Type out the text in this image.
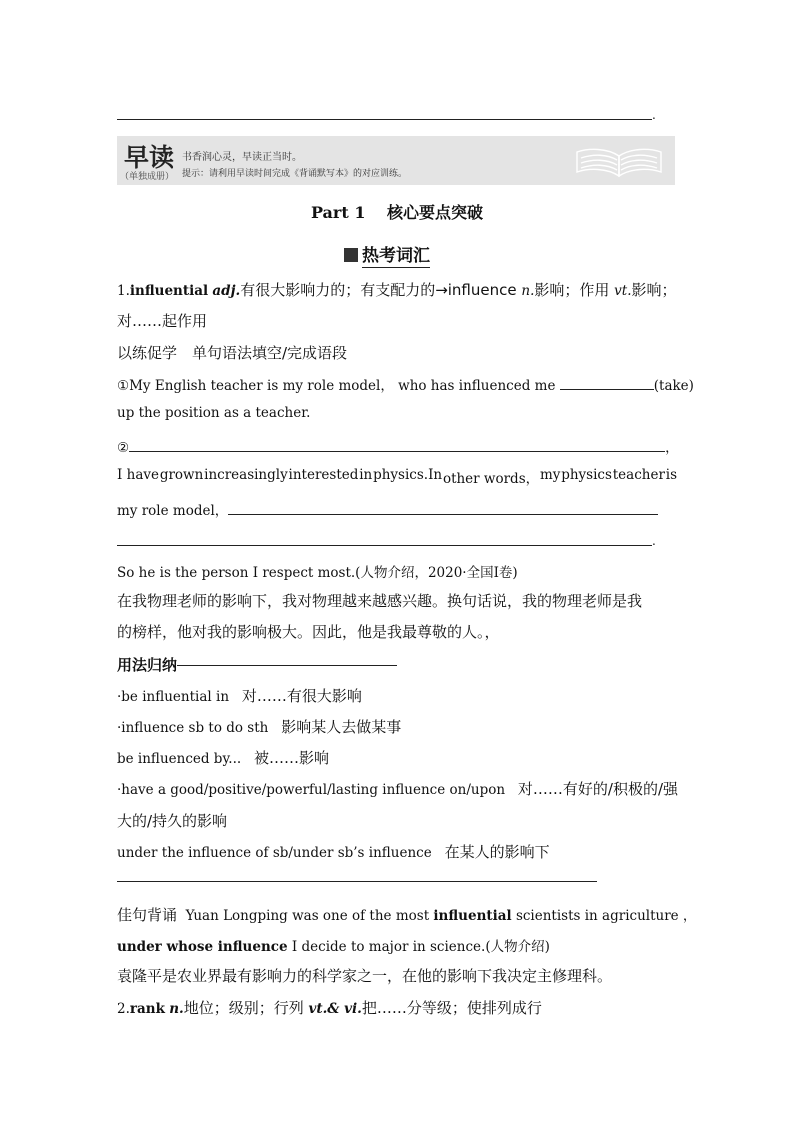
.
早读
（单独成册）
书香润心灵，早读正当时。
提示：请利用早读时间完成《背诵默写本》的对应训练。
Part 1　 核心要点突破
热考词汇
1.influential adj.有很大影响力的；有支配力的→influence n.影响；作用 vt.影响；
对……起作用
以练促学　单句语法填空/完成语段
①My English teacher is my role model， who has influenced me	(take)
up the position as a teacher.
②	，
I have grown increasingly interested in physics.In other words， my physics teacher is
my role model，
.
So he is the person I respect most.(人物介绍，2020·全国Ⅰ卷)
在我物理老师的影响下，我对物理越来越感兴趣。换句话说，我的物理老师是我
的榜样，他对我的影响极大。因此，他是我最尊敬的人。，
用法归纳
·be influential in 对……有很大影响
·influence sb to do sth 影响某人去做某事
be influenced by... 被……影响
·have a good/positive/powerful/lasting influence on/upon 对……有好的/积极的/强
大的/持久的影响
under the influence of sb/under sb’s influence 在某人的影响下
佳句背诵 Yuan Longping was one of the most influential scientists in agriculture ，
under whose influence I decide to major in science.(人物介绍)
袁隆平是农业界最有影响力的科学家之一，在他的影响下我决定主修理科。
2.rank n.地位；级别；行列 vt.& vi.把……分等级；使排列成行
